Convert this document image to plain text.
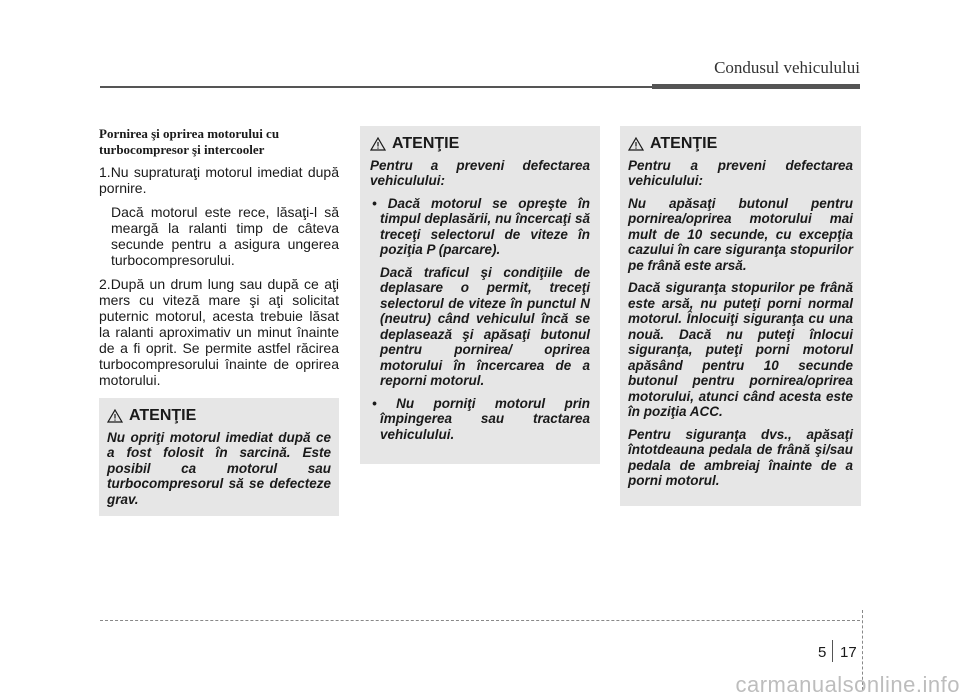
Condusul vehiculului
Pornirea şi oprirea motorului cu turbocompresor şi intercooler

1.Nu supraturaţi motorul imediat după pornire.

Dacă motorul este rece, lăsaţi-l să meargă la ralanti timp de câteva secunde pentru a asigura ungerea turbocompresorului.

2.După un drum lung sau după ce aţi mers cu viteză mare şi aţi solicitat puternic motorul, acesta trebuie lăsat la ralanti aproximativ un minut înainte de a fi oprit. Se permite astfel răcirea turbocompresorului înainte de oprirea motorului.

ATENŢIE

Nu opriţi motorul imediat după ce a fost folosit în sarcină. Este posibil ca motorul sau turbocompresorul să se defecteze grav.

ATENŢIE

Pentru a preveni defectarea vehiculului:

• Dacă motorul se opreşte în timpul deplasării, nu încercaţi să treceţi selectorul de viteze în poziţia P (parcare).

Dacă traficul şi condiţiile de deplasare o permit, treceţi selectorul de viteze în punctul N (neutru) când vehiculul încă se deplasează şi apăsaţi butonul pentru pornirea/ oprirea motorului în încercarea de a reporni motorul.

• Nu porniţi motorul prin împingerea sau tractarea vehiculului.

ATENŢIE

Pentru a preveni defectarea vehiculului:

Nu apăsaţi butonul pentru pornirea/oprirea motorului mai mult de 10 secunde, cu excepţia cazului în care siguranţa stopurilor pe frână este arsă.

Dacă siguranţa stopurilor pe frână este arsă, nu puteţi porni normal motorul. Înlocuiţi siguranţa cu una nouă. Dacă nu puteţi înlocui siguranţa, puteţi porni motorul apăsând pentru 10 secunde butonul pentru pornirea/oprirea motorului, atunci când acesta este în poziţia ACC.

Pentru siguranţa dvs., apăsaţi întotdeauna pedala de frână şi/sau pedala de ambreiaj înainte de a porni motorul.

5 17
carmanualsonline.info
